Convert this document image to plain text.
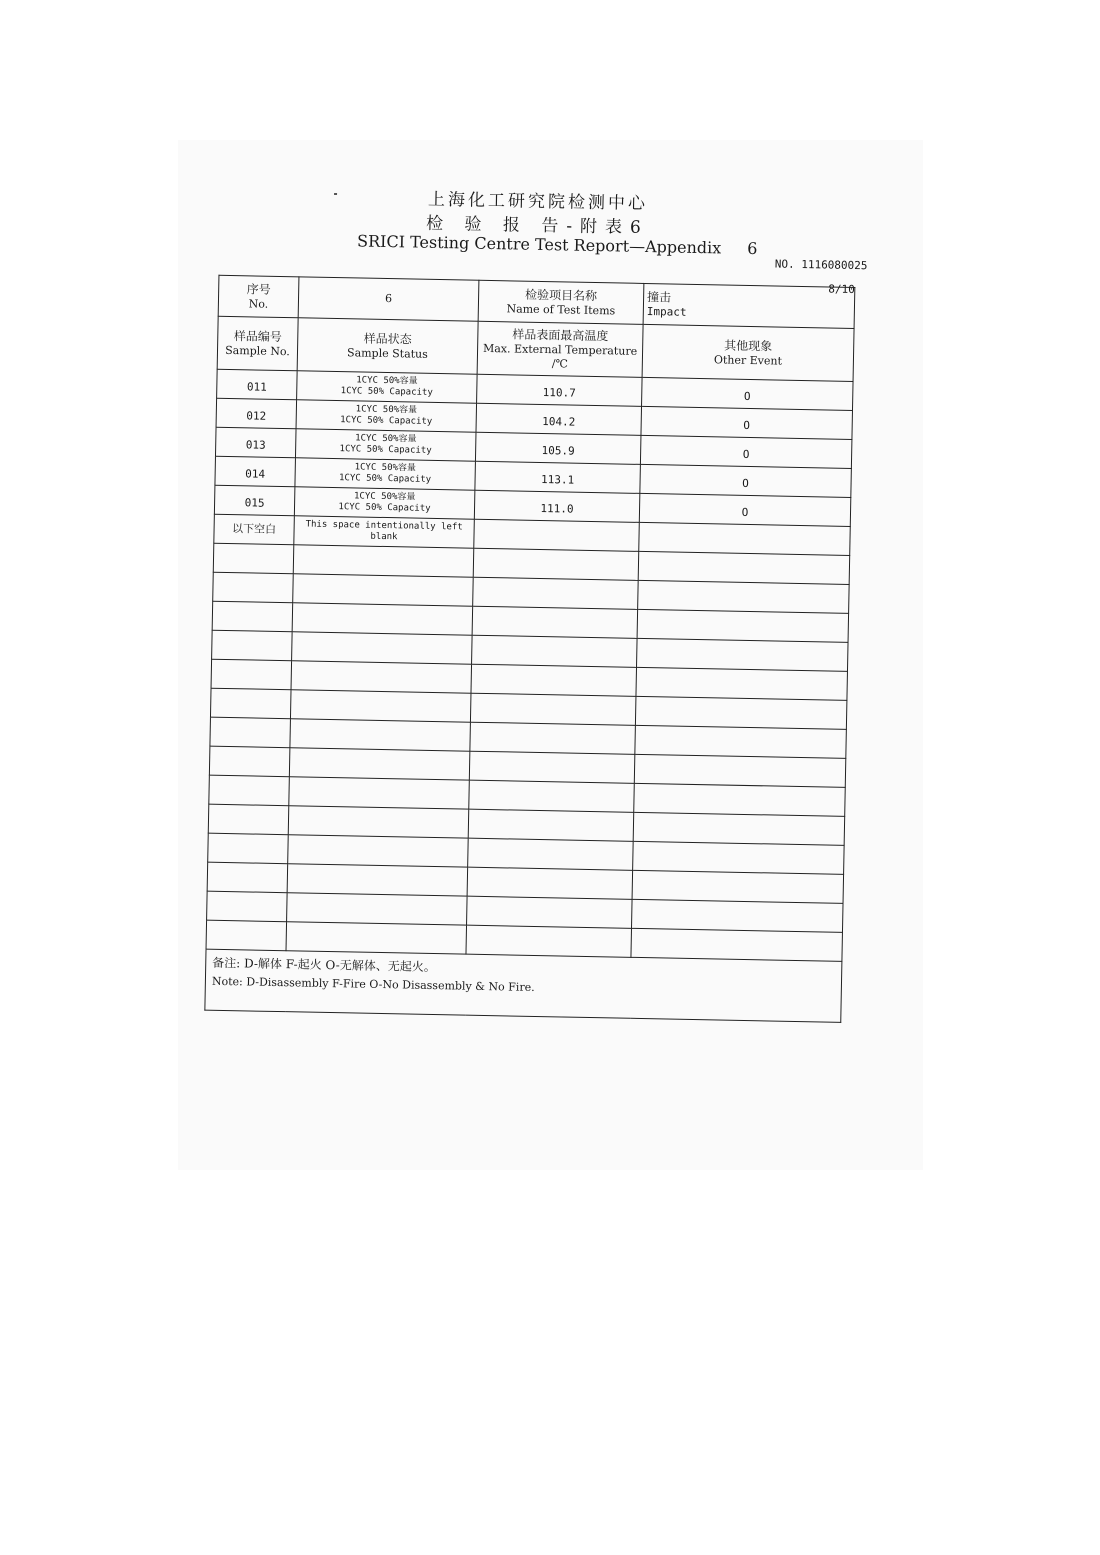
上海化工研究院检测中心
检 验 报 告-附表6
SRICI Testing Centre Test Report—Appendix 6
NO. 1116080025
8/10
序号
No.	6	检验项目名称
Name of Test Items	撞击
Impact

样品编号
Sample No.	样品状态
Sample Status	样品表面最高温度
Max. External Temperature
/℃	其他现象
Other Event

011	1CYC 50%容量
1CYC 50% Capacity	110.7	O
012	1CYC 50%容量
1CYC 50% Capacity	104.2	O
013	1CYC 50%容量
1CYC 50% Capacity	105.9	O
014	1CYC 50%容量
1CYC 50% Capacity	113.1	O
015	1CYC 50%容量
1CYC 50% Capacity	111.0	O

以下空白	This space intentionally left blank		

备注: D-解体 F-起火 O-无解体、无起火。
Note: D-Disassembly F-Fire O-No Disassembly & No Fire.			
